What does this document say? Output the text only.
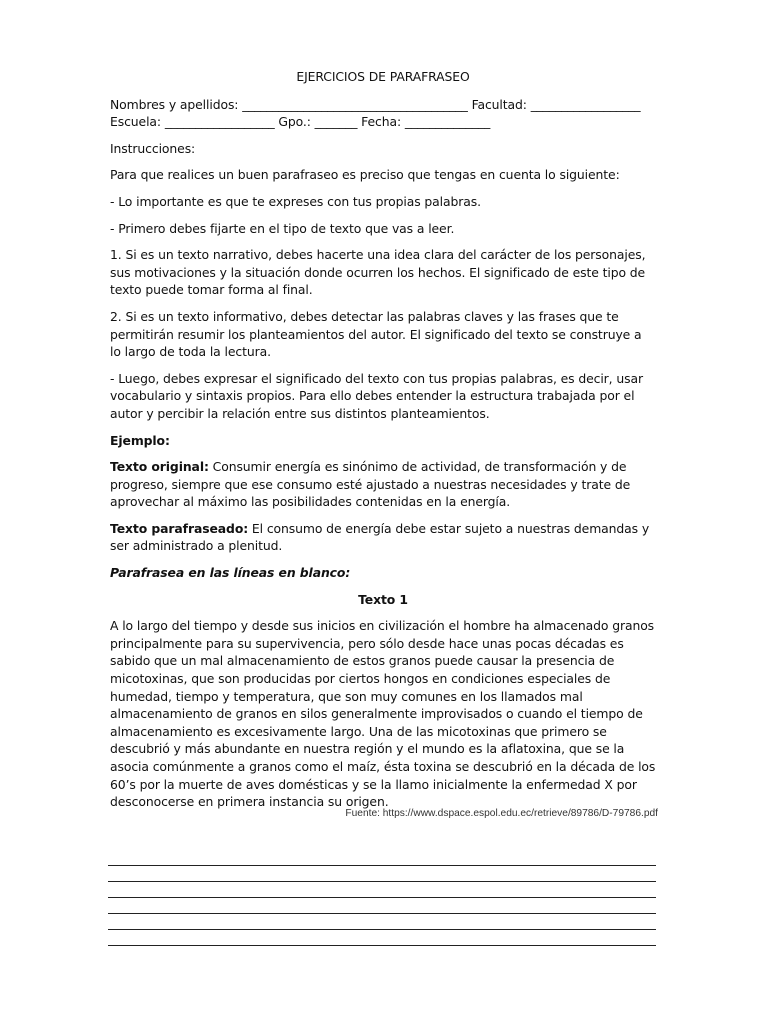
EJERCICIOS DE PARAFRASEO

Nombres y apellidos: _____________________________________ Facultad: __________________

Escuela: __________________ Gpo.: _______ Fecha: ______________

Instrucciones:

Para que realices un buen parafraseo es preciso que tengas en cuenta lo siguiente:

- Lo importante es que te expreses con tus propias palabras.

- Primero debes fijarte en el tipo de texto que vas a leer.

1. Si es un texto narrativo, debes hacerte una idea clara del carácter de los personajes, sus motivaciones y la situación donde ocurren los hechos. El significado de este tipo de texto puede tomar forma al final.

2. Si es un texto informativo, debes detectar las palabras claves y las frases que te permitirán resumir los planteamientos del autor. El significado del texto se construye a lo largo de toda la lectura.

- Luego, debes expresar el significado del texto con tus propias palabras, es decir, usar vocabulario y sintaxis propios. Para ello debes entender la estructura trabajada por el autor y percibir la relación entre sus distintos planteamientos.

Ejemplo:

Texto original: Consumir energía es sinónimo de actividad, de transformación y de progreso, siempre que ese consumo esté ajustado a nuestras necesidades y trate de aprovechar al máximo las posibilidades contenidas en la energía.

Texto parafraseado: El consumo de energía debe estar sujeto a nuestras demandas y ser administrado a plenitud.

Parafrasea en las líneas en blanco:

Texto 1

A lo largo del tiempo y desde sus inicios en civilización el hombre ha almacenado granos principalmente para su supervivencia, pero sólo desde hace unas pocas décadas es sabido que un mal almacenamiento de estos granos puede causar la presencia de micotoxinas, que son producidas por ciertos hongos en condiciones especiales de humedad, tiempo y temperatura, que son muy comunes en los llamados mal almacenamiento de granos en silos generalmente improvisados o cuando el tiempo de almacenamiento es excesivamente largo. Una de las micotoxinas que primero se descubrió y más abundante en nuestra región y el mundo es la aflatoxina, que se la asocia comúnmente a granos como el maíz, ésta toxina se descubrió en la década de los 60’s por la muerte de aves domésticas y se la llamo inicialmente la enfermedad X por desconocerse en primera instancia su origen.

Fuente: https://www.dspace.espol.edu.ec/retrieve/89786/D-79786.pdf
